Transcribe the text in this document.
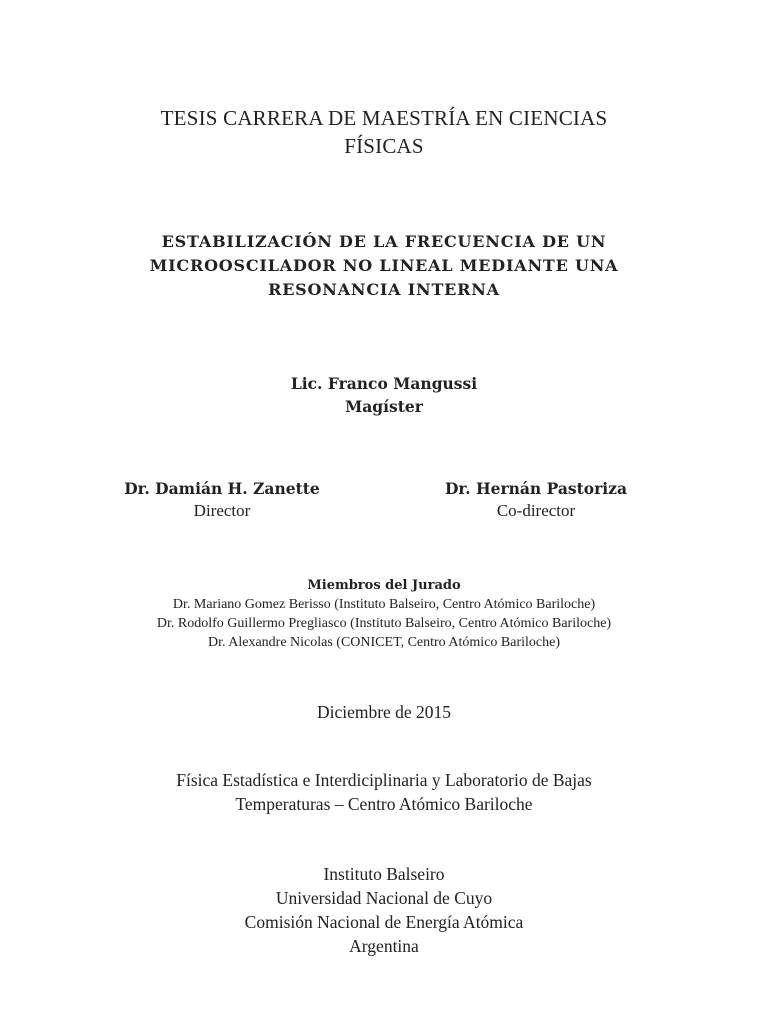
TESIS CARRERA DE MAESTRÍA EN CIENCIAS
FÍSICAS
ESTABILIZACIÓN DE LA FRECUENCIA DE UN
MICROOSCILADOR NO LINEAL MEDIANTE UNA
RESONANCIA INTERNA
Lic. Franco Mangussi
Magíster
Dr. Damián H. Zanette
Director
Dr. Hernán Pastoriza
Co-director
Miembros del Jurado
Dr. Mariano Gomez Berisso (Instituto Balseiro, Centro Atómico Bariloche)
Dr. Rodolfo Guillermo Pregliasco (Instituto Balseiro, Centro Atómico Bariloche)
Dr. Alexandre Nicolas (CONICET, Centro Atómico Bariloche)
Diciembre de 2015
Física Estadística e Interdiciplinaria y Laboratorio de Bajas
Temperaturas – Centro Atómico Bariloche
Instituto Balseiro
Universidad Nacional de Cuyo
Comisión Nacional de Energía Atómica
Argentina
